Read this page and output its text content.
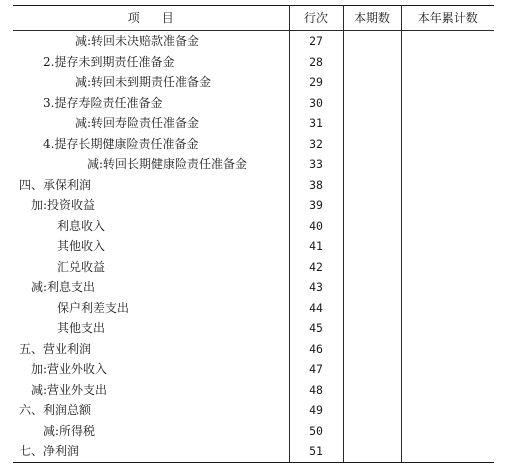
项目	行次	本期数	本年累计数
减:转回未决赔款准备金	27		
2.提存未到期责任准备金	28		
减:转回未到期责任准备金	29		
3.提存寿险责任准备金	30		
减:转回寿险责任准备金	31		
4.提存长期健康险责任准备金	32		
减:转回长期健康险责任准备金	33		
四、承保利润	38		
加:投资收益	39		
利息收入	40		
其他收入	41		
汇兑收益	42		
减:利息支出	43		
保户利差支出	44		
其他支出	45		
五、营业利润	46		
加:营业外收入	47		
减:营业外支出	48		
六、利润总额	49		
减:所得税	50		
七、净利润	51		
